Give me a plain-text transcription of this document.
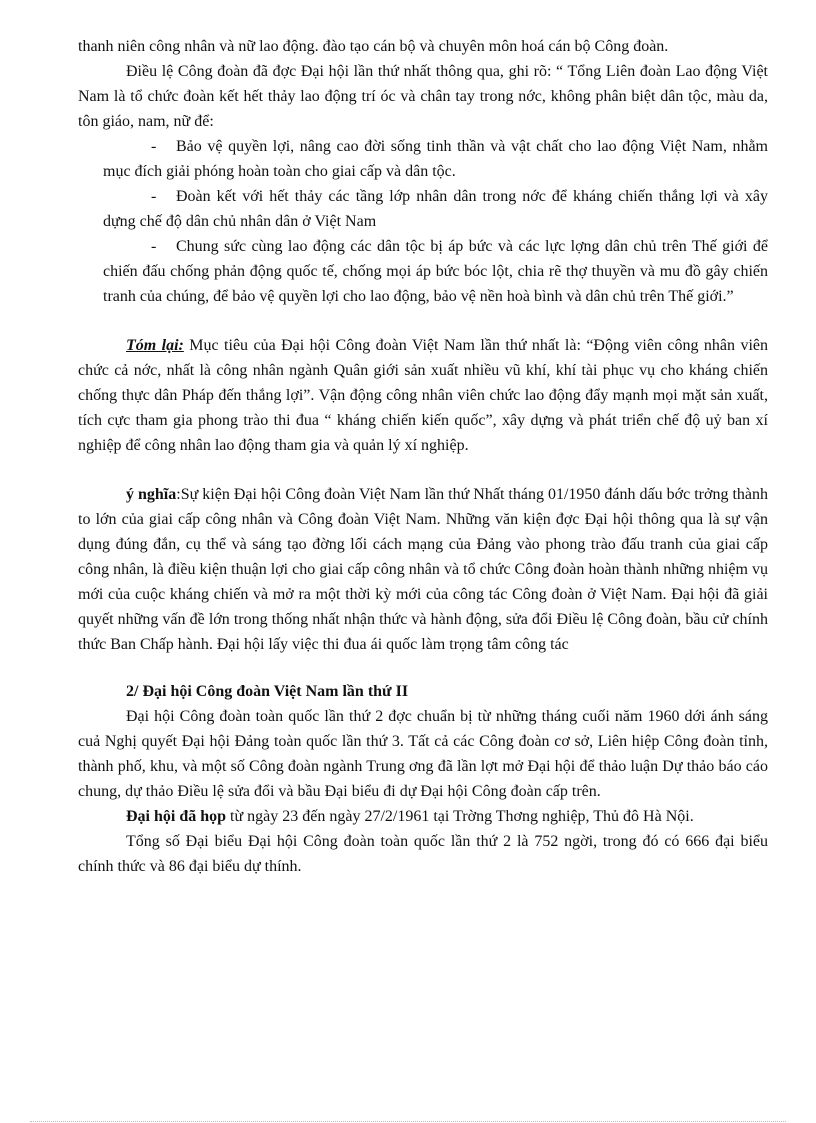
thanh niên công nhân và nữ lao động. đào tạo cán bộ và chuyên môn hoá cán bộ Công đoàn.

Điều lệ Công đoàn đã đợc Đại hội lần thứ nhất thông qua, ghi rõ: “ Tổng Liên đoàn Lao động Việt Nam là tổ chức đoàn kết hết thảy lao động trí óc và chân tay trong nớc, không phân biệt dân tộc, màu da, tôn giáo, nam, nữ để:

- Bảo vệ quyền lợi, nâng cao đời sống tinh thần và vật chất cho lao động Việt Nam, nhằm mục đích giải phóng hoàn toàn cho giai cấp và dân tộc.

- Đoàn kết với hết thảy các tầng lớp nhân dân trong nớc để kháng chiến thắng lợi và xây dựng chế độ dân chủ nhân dân ở Việt Nam

- Chung sức cùng lao động các dân tộc bị áp bức và các lực lợng dân chủ trên Thế giới để chiến đấu chống phản động quốc tế, chống mọi áp bức bóc lột, chia rẽ thợ thuyền và mu đồ gây chiến tranh của chúng, để bảo vệ quyền lợi cho lao động, bảo vệ nền hoà bình và dân chủ trên Thế giới.”

Tóm lại: Mục tiêu của Đại hội Công đoàn Việt Nam lần thứ nhất là: “Động viên công nhân viên chức cả nớc, nhất là công nhân ngành Quân giới sản xuất nhiều vũ khí, khí tài phục vụ cho kháng chiến chống thực dân Pháp đến thắng lợi”. Vận động công nhân viên chức lao động đẩy mạnh mọi mặt sản xuất, tích cực tham gia phong trào thi đua “ kháng chiến kiến quốc”, xây dựng và phát triển chế độ uỷ ban xí nghiệp để công nhân lao động tham gia và quản lý xí nghiệp.

ý nghĩa:Sự kiện Đại hội Công đoàn Việt Nam lần thứ Nhất tháng 01/1950 đánh dấu bớc trởng thành to lớn của giai cấp công nhân và Công đoàn Việt Nam. Những văn kiện đợc Đại hội thông qua là sự vận dụng đúng đắn, cụ thể và sáng tạo đờng lối cách mạng của Đảng vào phong trào đấu tranh của giai cấp công nhân, là điều kiện thuận lợi cho giai cấp công nhân và tổ chức Công đoàn hoàn thành những nhiệm vụ mới của cuộc kháng chiến và mở ra một thời kỳ mới của công tác Công đoàn ở Việt Nam. Đại hội đã giải quyết những vấn đề lớn trong thống nhất nhận thức và hành động, sửa đổi Điều lệ Công đoàn, bầu cử chính thức Ban Chấp hành. Đại hội lấy việc thi đua ái quốc làm trọng tâm công tác

2/ Đại hội Công đoàn Việt Nam lần thứ II

Đại hội Công đoàn toàn quốc lần thứ 2 đợc chuẩn bị từ những tháng cuối năm 1960 dới ánh sáng cuả Nghị quyết Đại hội Đảng toàn quốc lần thứ 3. Tất cả các Công đoàn cơ sở, Liên hiệp Công đoàn tỉnh, thành phố, khu, và một số Công đoàn ngành Trung ơng đã lần lợt mở Đại hội để thảo luận Dự thảo báo cáo chung, dự thảo Điều lệ sửa đổi và bầu Đại biểu đi dự Đại hội Công đoàn cấp trên.

Đại hội đã họp từ ngày 23 đến ngày 27/2/1961 tại Trờng Thơng nghiệp, Thủ đô Hà Nội.

Tổng số Đại biểu Đại hội Công đoàn toàn quốc lần thứ 2 là 752 ngời, trong đó có 666 đại biểu chính thức và 86 đại biểu dự thính.
